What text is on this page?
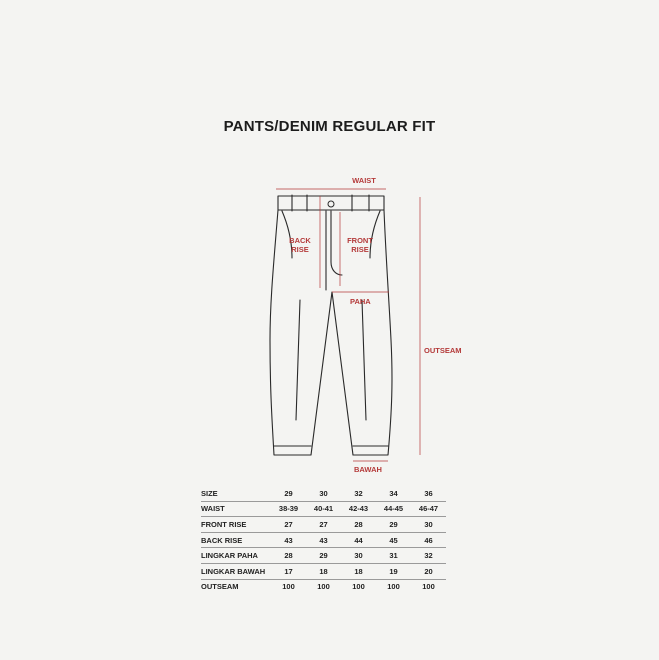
PANTS/DENIM REGULAR FIT
WAIST
BACK RISE
FRONT RISE
PAHA
OUTSEAM
BAWAH
SIZE	29	30	32	34	36
WAIST	38-39	40-41	42-43	44-45	46-47
FRONT RISE	27	27	28	29	30
BACK RISE	43	43	44	45	46
LINGKAR PAHA	28	29	30	31	32
LINGKAR BAWAH	17	18	18	19	20
OUTSEAM	100	100	100	100	100
